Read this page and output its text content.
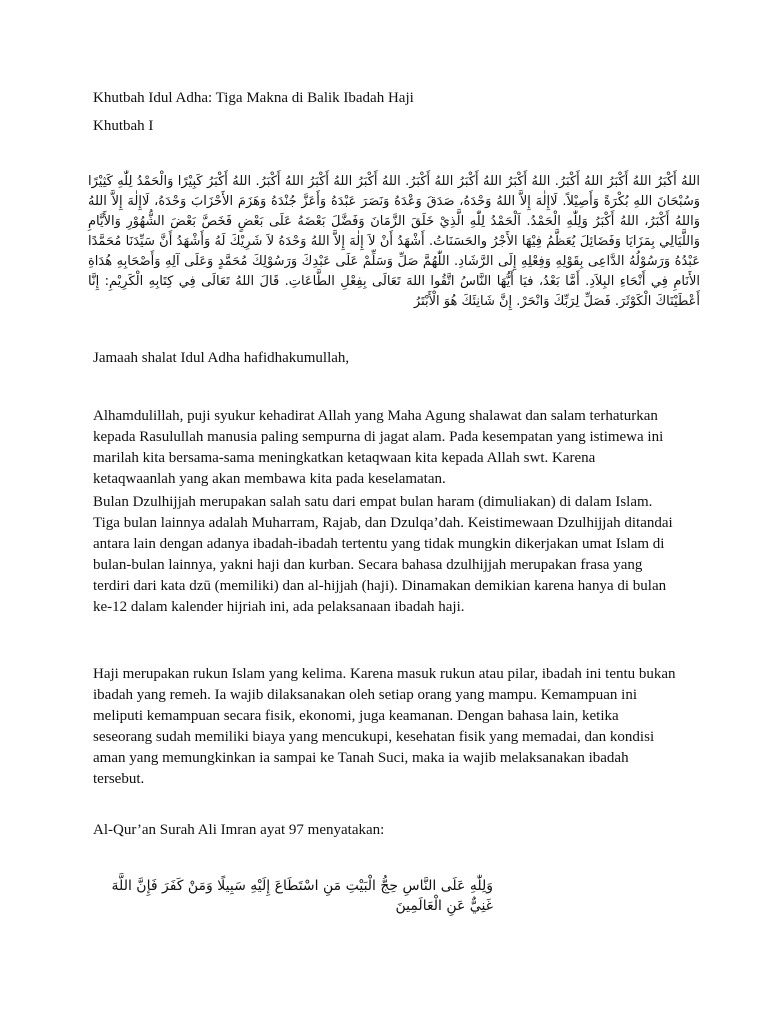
Khutbah Idul Adha: Tiga Makna di Balik Ibadah Haji
Khutbah I
اللهُ أَكْبَرُ اللهُ أَكْبَرُ اللهُ أَكْبَرُ. اللهُ أَكْبَرُ اللهُ أَكْبَرُ اللهُ أَكْبَرُ. اللهُ أَكْبَرُ اللهُ أَكْبَرُ اللهُ أَكْبَرُ. اللهُ أَكْبَرُ كَبِيْرًا وَالْحَمْدُ لِلّٰهِ كَثِيْرًا وَسُبْحَانَ اللهِ بُكْرَةً وَأَصِيْلاً. لَاإِلٰهَ إِلاَّ اللهُ وَحْدَهُ، صَدَقَ وَعْدَهُ وَنَصَرَ عَبْدَهُ وَأَعَزَّ جُنْدَهُ وَهَزَمَ الأَحْزَابَ وَحْدَهُ، لَاإِلٰهَ إِلاَّ اللهُ وَاللهُ أَكْبَرُ، اللهُ أَكْبَرُ وَلِلّٰهِ الْحَمْدُ. اَلْحَمْدُ لِلّٰهِ الَّذِيْ خَلَقَ الزَّمَانَ وَفَضَّلَ بَعْضَهُ عَلَى بَعْضٍ فَخَصَّ بَعْضَ الشُّهُوْرِ وَالأَيَّامِ وَاللَّيَالِي بِمَزَايَا وَفَضَائِلَ يُعَظَّمُ فِيْهَا الأَجْرُ والحَسَنَاتُ. أَشْهَدُ أَنْ لاَ إِلٰهَ إِلاَّ اللهُ وَحْدَهُ لاَ شَرِيْكَ لَهُ وَأَشْهَدُ أَنَّ سَيِّدَنَا مُحَمَّدًا عَبْدُهُ وَرَسُوْلُهُ الدَّاعِى بِقَوْلِهِ وَفِعْلِهِ إِلَى الرَّشَادِ. اللّٰهُمَّ صَلِّ وَسَلِّمْ عَلَى عَبْدِكَ وَرَسُوْلِكَ مُحَمَّدٍ وَعَلَى آلِهِ وَأَصْحَابِهِ هُدَاةِ الأَنَامِ فِي أَنْحَاءِ البِلاَدِ. أَمَّا بَعْدُ، فيَا أَيُّهَا النَّاسُ اتَّقُوا اللهَ تَعَالَى بِفِعْلِ الطَّاعَاتِ. قَالَ اللهُ تَعَالَى فِي كِتَابِهِ الْكَرِيْمِ: إِنَّا أَعْطَيْنَاكَ الْكَوْثَرَ. فَصَلِّ لِرَبِّكَ وَانْحَرْ. إِنَّ شَانِئَكَ هُوَ الْأَبْتَرُ
Jamaah shalat Idul Adha hafidhakumullah,
Alhamdulillah, puji syukur kehadirat Allah yang Maha Agung shalawat dan salam terhaturkan kepada Rasulullah manusia paling sempurna di jagat alam. Pada kesempatan yang istimewa ini marilah kita bersama-sama meningkatkan ketaqwaan kita kepada Allah swt. Karena ketaqwaanlah yang akan membawa kita pada keselamatan.
Bulan Dzulhijjah merupakan salah satu dari empat bulan haram (dimuliakan) di dalam Islam. Tiga bulan lainnya adalah Muharram, Rajab, dan Dzulqa’dah. Keistimewaan Dzulhijjah ditandai antara lain dengan adanya ibadah-ibadah tertentu yang tidak mungkin dikerjakan umat Islam di bulan-bulan lainnya, yakni haji dan kurban. Secara bahasa dzulhijjah merupakan frasa yang terdiri dari kata dzū (memiliki) dan al-hijjah (haji). Dinamakan demikian karena hanya di bulan ke-12 dalam kalender hijriah ini, ada pelaksanaan ibadah haji.
Haji merupakan rukun Islam yang kelima. Karena masuk rukun atau pilar, ibadah ini tentu bukan ibadah yang remeh. Ia wajib dilaksanakan oleh setiap orang yang mampu. Kemampuan ini meliputi kemampuan secara fisik, ekonomi, juga keamanan. Dengan bahasa lain, ketika seseorang sudah memiliki biaya yang mencukupi, kesehatan fisik yang memadai, dan kondisi aman yang memungkinkan ia sampai ke Tanah Suci, maka ia wajib melaksanakan ibadah tersebut.
Al-Qur’an Surah Ali Imran ayat 97 menyatakan:
وَلِلّٰهِ عَلَى النَّاسِ حِجُّ الْبَيْتِ مَنِ اسْتَطَاعَ إِلَيْهِ سَبِيلًا وَمَنْ كَفَرَ فَإِنَّ اللَّهَ غَنِيٌّ عَنِ الْعَالَمِينَ
